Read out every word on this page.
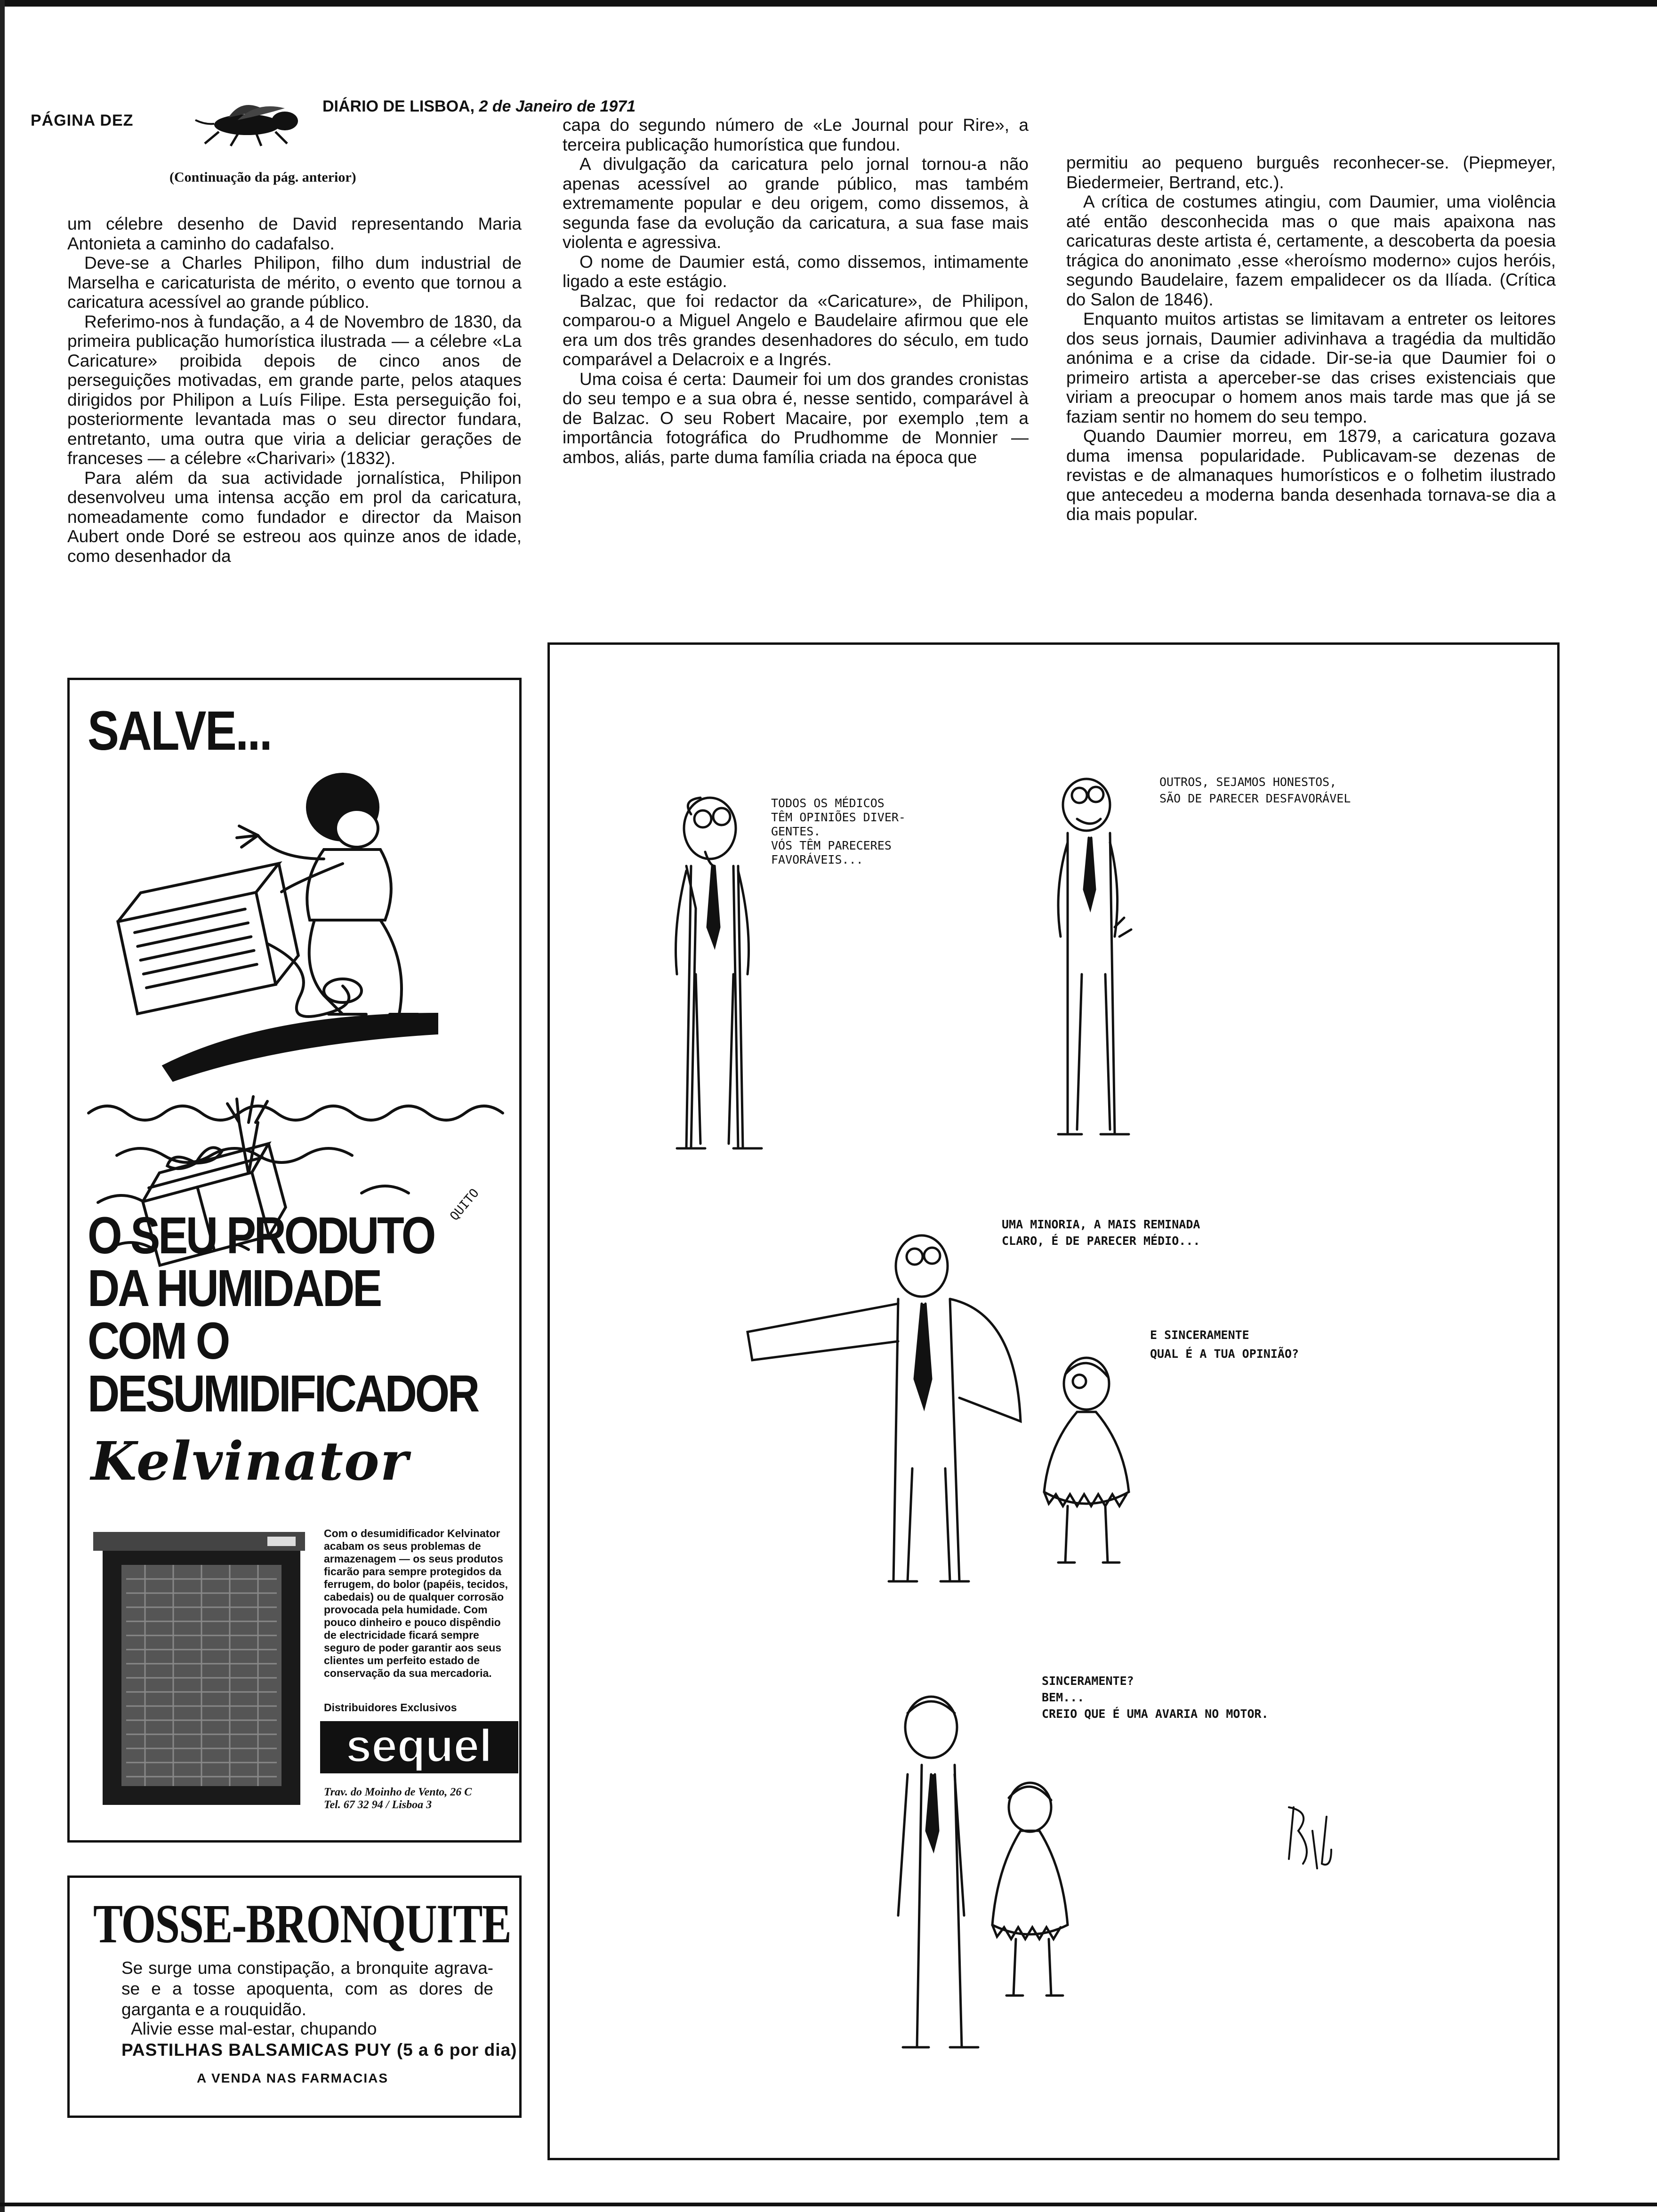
PÁGINA DEZ
DIÁRIO DE LISBOA, 2 de Janeiro de 1971
(Continuação da pág. anterior)

um célebre desenho de David representando Maria Antonieta a caminho do cadafalso.

Deve-se a Charles Philipon, filho dum industrial de Marselha e caricaturista de mérito, o evento que tornou a caricatura acessível ao grande público.

Referimo-nos à fundação, a 4 de Novembro de 1830, da primeira publicação humorística ilustrada — a célebre «La Caricature» proibida depois de cinco anos de perseguições motivadas, em grande parte, pelos ataques dirigidos por Philipon a Luís Filipe. Esta perseguição foi, posteriormente levantada mas o seu director fundara, entretanto, uma outra que viria a deliciar gerações de franceses — a célebre «Charivari» (1832).

Para além da sua actividade jornalística, Philipon desenvolveu uma intensa acção em prol da caricatura, nomeadamente como fundador e director da Maison Aubert onde Doré se estreou aos quinze anos de idade, como desenhador da

capa do segundo número de «Le Journal pour Rire», a terceira publicação humorística que fundou.

A divulgação da caricatura pelo jornal tornou-a não apenas acessível ao grande público, mas também extremamente popular e deu origem, como dissemos, à segunda fase da evolução da caricatura, a sua fase mais violenta e agressiva.

O nome de Daumier está, como dissemos, intimamente ligado a este estágio.

Balzac, que foi redactor da «Caricature», de Philipon, comparou-o a Miguel Angelo e Baudelaire afirmou que ele era um dos três grandes desenhadores do século, em tudo comparável a Delacroix e a Ingrés.

Uma coisa é certa: Daumeir foi um dos grandes cronistas do seu tempo e a sua obra é, nesse sentido, comparável à de Balzac. O seu Robert Macaire, por exemplo ,tem a importância fotográfica do Prudhomme de Monnier — ambos, aliás, parte duma família criada na época que

permitiu ao pequeno burguês reconhecer-se. (Piepmeyer, Biedermeier, Bertrand, etc.).

A crítica de costumes atingiu, com Daumier, uma violência até então desconhecida mas o que mais apaixona nas caricaturas deste artista é, certamente, a descoberta da poesia trágica do anonimato ,esse «heroísmo moderno» cujos heróis, segundo Baudelaire, fazem empalidecer os da Ilíada. (Crítica do Salon de 1846).

Enquanto muitos artistas se limitavam a entreter os leitores dos seus jornais, Daumier adivinhava a tragédia da multidão anónima e a crise da cidade. Dir-se-ia que Daumier foi o primeiro artista a aperceber-se das crises existenciais que viriam a preocupar o homem anos mais tarde mas que já se faziam sentir no homem do seu tempo.

Quando Daumier morreu, em 1879, a caricatura gozava duma imensa popularidade. Publicavam-se dezenas de revistas e de almanaques humorísticos e o folhetim ilustrado que antecedeu a moderna banda desenhada tornava-se dia a dia mais popular.

SALVE...
QUITO
O SEU PRODUTO
DA HUMIDADE
COM O
DESUMIDIFICADOR
Kelvinator
Com o desumidificador Kelvinator acabam os seus problemas de armazenagem — os seus produtos ficarão para sempre protegidos da ferrugem, do bolor (papéis, tecidos, cabedais) ou de qualquer corrosão provocada pela humidade. Com pouco dinheiro e pouco dispêndio de electricidade ficará sempre seguro de poder garantir aos seus clientes um perfeito estado de conservação da sua mercadoria.
Distribuidores Exclusivos
sequel
Trav. do Moinho de Vento, 26 C
Tel. 67 32 94 / Lisboa 3
TOSSE-BRONQUITE
Se surge uma constipação, a bronquite agrava-se e a tosse apoquenta, com as dores de garganta e a rouquidão.
Alivie esse mal-estar, chupando
PASTILHAS BALSAMICAS PUY (5 a 6 por dia)
A VENDA NAS FARMACIAS
TODOS OS MÉDICOS
TÊM OPINIÕES DIVER-
GENTES.
VÓS TÊM PARECERES
FAVORÁVEIS...
OUTROS, SEJAMOS HONESTOS,
SÃO DE PARECER DESFAVORÁVEL
UMA MINORIA, A MAIS REMINADA
CLARO, É DE PARECER MÉDIO...
E SINCERAMENTE
QUAL É A TUA OPINIÃO?
SINCERAMENTE?
BEM...
CREIO QUE É UMA AVARIA NO MOTOR.
